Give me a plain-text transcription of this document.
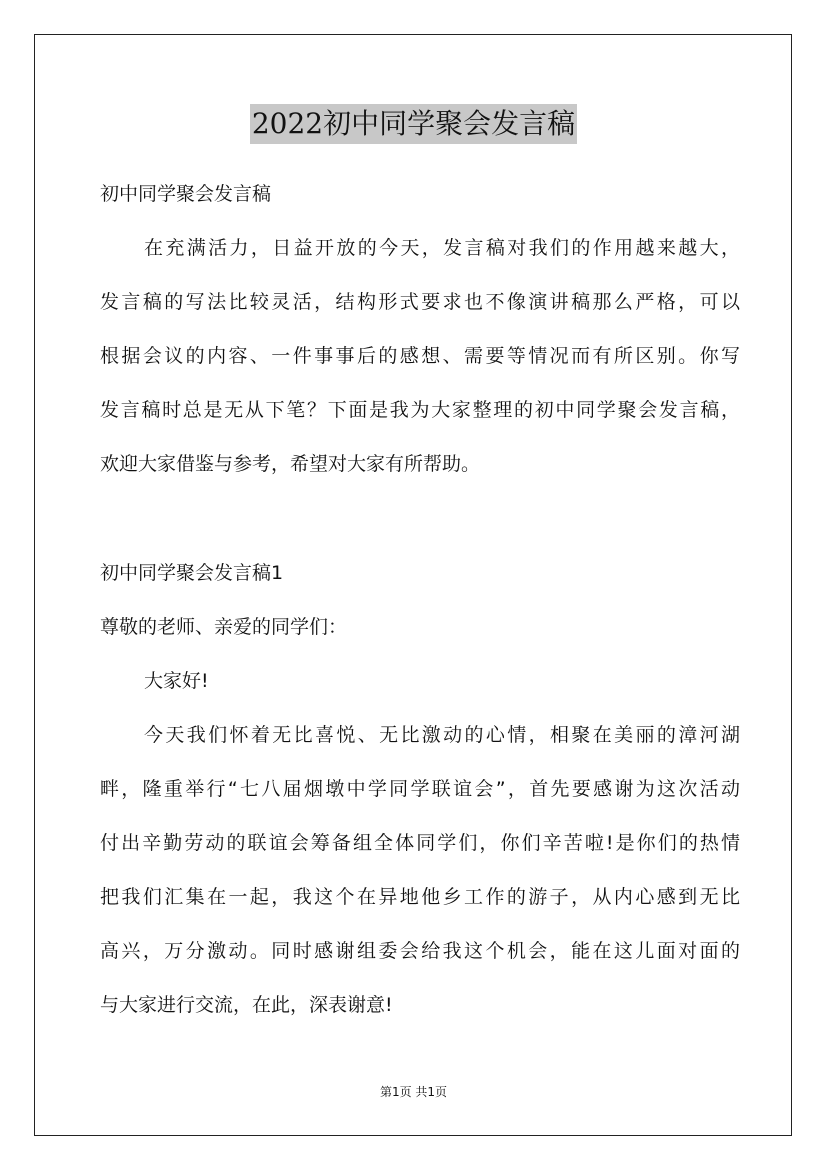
2022初中同学聚会发言稿
初中同学聚会发言稿
在充满活力，日益开放的今天，发言稿对我们的作用越来越大，
发言稿的写法比较灵活，结构形式要求也不像演讲稿那么严格，可以
根据会议的内容、一件事事后的感想、需要等情况而有所区别。你写
发言稿时总是无从下笔？下面是我为大家整理的初中同学聚会发言稿，
欢迎大家借鉴与参考，希望对大家有所帮助。
初中同学聚会发言稿1
尊敬的老师、亲爱的同学们：
大家好!
今天我们怀着无比喜悦、无比激动的心情，相聚在美丽的漳河湖
畔，隆重举行“七八届烟墩中学同学联谊会”，首先要感谢为这次活动
付出辛勤劳动的联谊会筹备组全体同学们，你们辛苦啦!是你们的热情
把我们汇集在一起，我这个在异地他乡工作的游子，从内心感到无比
高兴，万分激动。同时感谢组委会给我这个机会，能在这儿面对面的
与大家进行交流，在此，深表谢意!
第1页 共1页
